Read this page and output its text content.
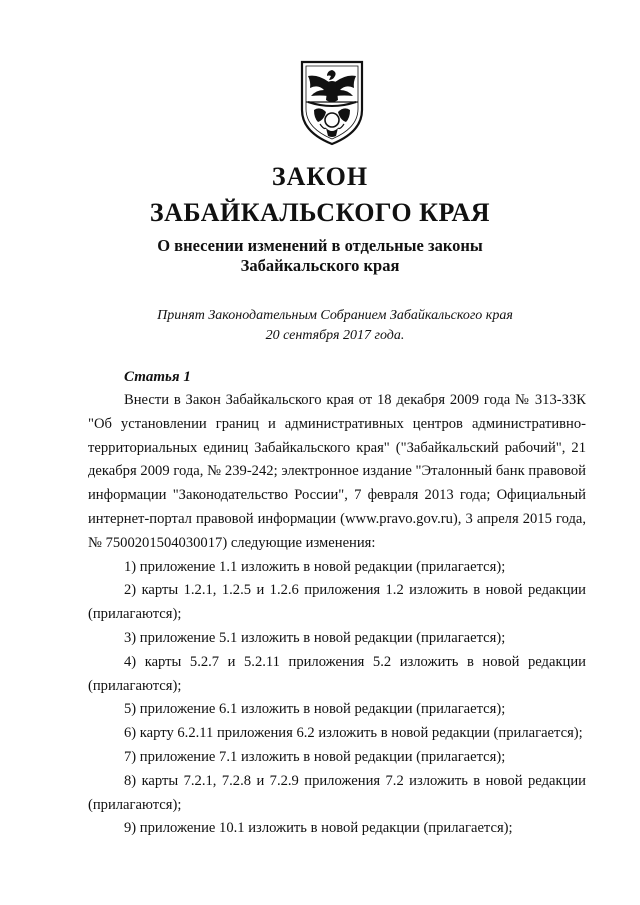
ЗАКОН
ЗАБАЙКАЛЬСКОГО КРАЯ
О внесении изменений в отдельные законы
Забайкальского края
Принят Законодательным Собранием Забайкальского края
20 сентября 2017 года.
Статья 1

Внести в Закон Забайкальского края от 18 декабря 2009 года № 313-ЗЗК "Об установлении границ и административных центров административно-территориальных единиц Забайкальского края" ("Забайкальский рабочий", 21 декабря 2009 года, № 239-242; электронное издание "Эталонный банк правовой информации "Законодательство России", 7 февраля 2013 года; Официальный интернет-портал правовой информации (www.pravo.gov.ru), 3 апреля 2015 года, № 7500201504030017) следующие изменения:

1) приложение 1.1 изложить в новой редакции (прилагается);

2) карты 1.2.1, 1.2.5 и 1.2.6 приложения 1.2 изложить в новой редакции (прилагаются);

3) приложение 5.1 изложить в новой редакции (прилагается);

4) карты 5.2.7 и 5.2.11 приложения 5.2 изложить в новой редакции (прилагаются);

5) приложение 6.1 изложить в новой редакции (прилагается);

6) карту 6.2.11 приложения 6.2 изложить в новой редакции (прилагается);

7) приложение 7.1 изложить в новой редакции (прилагается);

8) карты 7.2.1, 7.2.8 и 7.2.9 приложения 7.2 изложить в новой редакции (прилагаются);

9) приложение 10.1 изложить в новой редакции (прилагается);
